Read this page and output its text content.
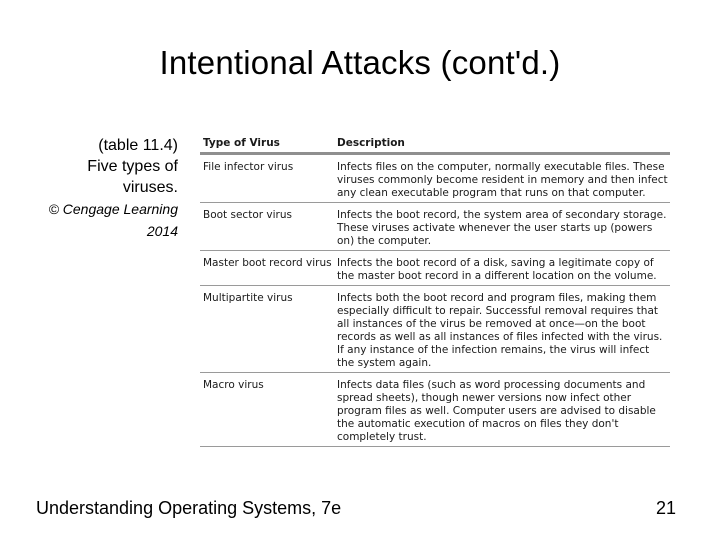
Intentional Attacks (cont'd.)
(table 11.4)
Five types of
viruses.
© Cengage Learning
2014
Type of Virus	Description
File infector virus	Infects files on the computer, normally executable files. These viruses commonly become resident in memory and then infect any clean executable program that runs on that computer.
Boot sector virus	Infects the boot record, the system area of secondary storage. These viruses activate whenever the user starts up (powers on) the computer.
Master boot record virus	Infects the boot record of a disk, saving a legitimate copy of the master boot record in a different location on the volume.
Multipartite virus	Infects both the boot record and program files, making them especially difficult to repair. Successful removal requires that all instances of the virus be removed at once—on the boot records as well as all instances of files infected with the virus. If any instance of the infection remains, the virus will infect the system again.
Macro virus	Infects data files (such as word processing documents and spread sheets), though newer versions now infect other program files as well. Computer users are advised to disable the automatic execution of macros on files they don't completely trust.
Understanding Operating Systems, 7e	21
